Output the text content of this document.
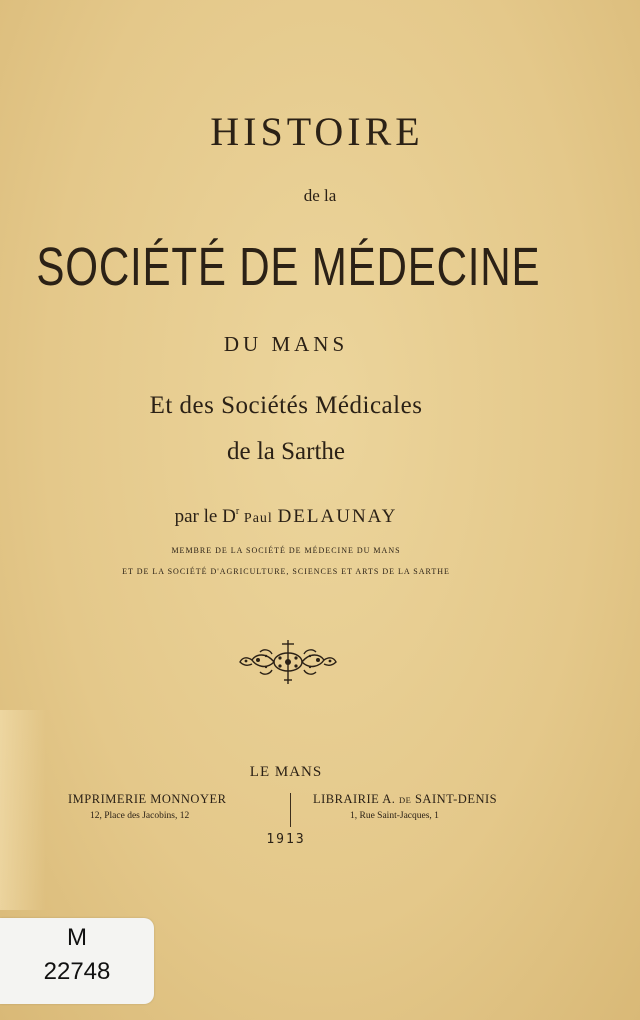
HISTOIRE
de la
SOCIÉTÉ DE MÉDECINE
DU MANS
Et des Sociétés Médicales
de la Sarthe
par le $D^r$ Paul DELAUNAY
MEMBRE DE LA SOCIÉTÉ DE MÉDECINE DU MANS
ET DE LA SOCIÉTÉ D'AGRICULTURE, SCIENCES ET ARTS DE LA SARTHE
LE MANS
IMPRIMERIE MONNOYER
12, Place des Jacobins, 12
LIBRAIRIE A. DE SAINT-DENIS
1, Rue Saint-Jacques, 1
1913
M
22748
